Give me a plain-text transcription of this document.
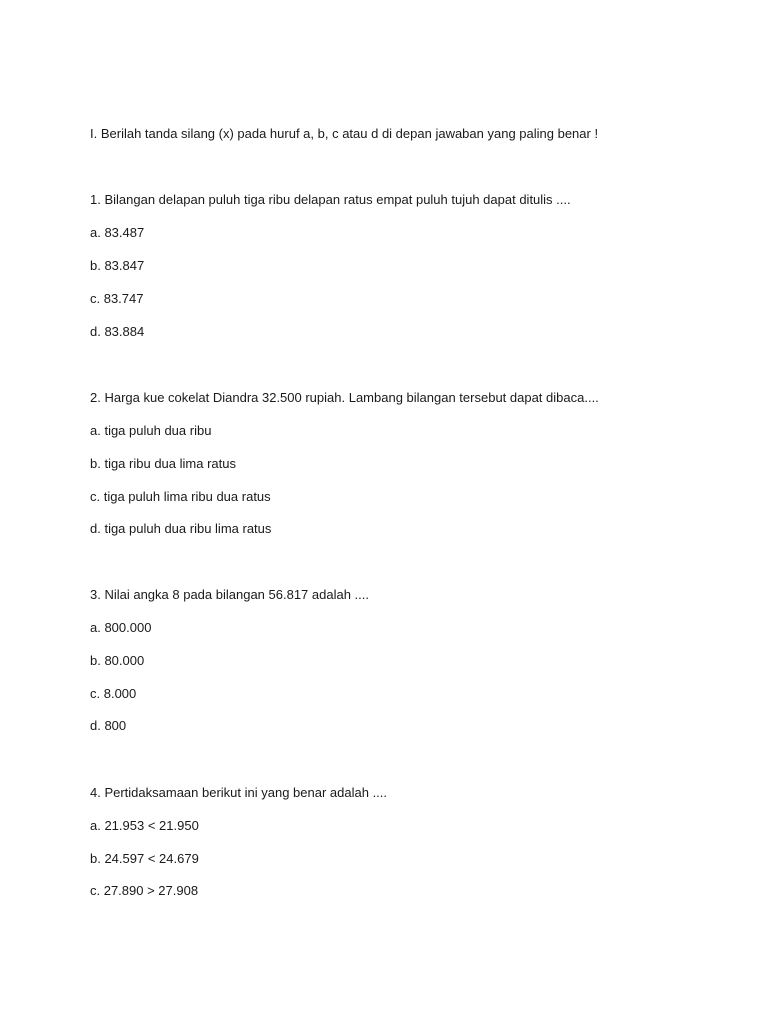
I. Berilah tanda silang (x) pada huruf a, b, c atau d di depan jawaban yang paling benar !
1. Bilangan delapan puluh tiga ribu delapan ratus empat puluh tujuh dapat ditulis ....
a. 83.487
b. 83.847
c. 83.747
d. 83.884
2. Harga kue cokelat Diandra 32.500 rupiah. Lambang bilangan tersebut dapat dibaca....
a. tiga puluh dua ribu
b. tiga ribu dua lima ratus
c. tiga puluh lima ribu dua ratus
d. tiga puluh dua ribu lima ratus
3. Nilai angka 8 pada bilangan 56.817 adalah ....
a. 800.000
b. 80.000
c. 8.000
d. 800
4. Pertidaksamaan berikut ini yang benar adalah ....
a. 21.953 < 21.950
b. 24.597 < 24.679
c. 27.890 > 27.908
